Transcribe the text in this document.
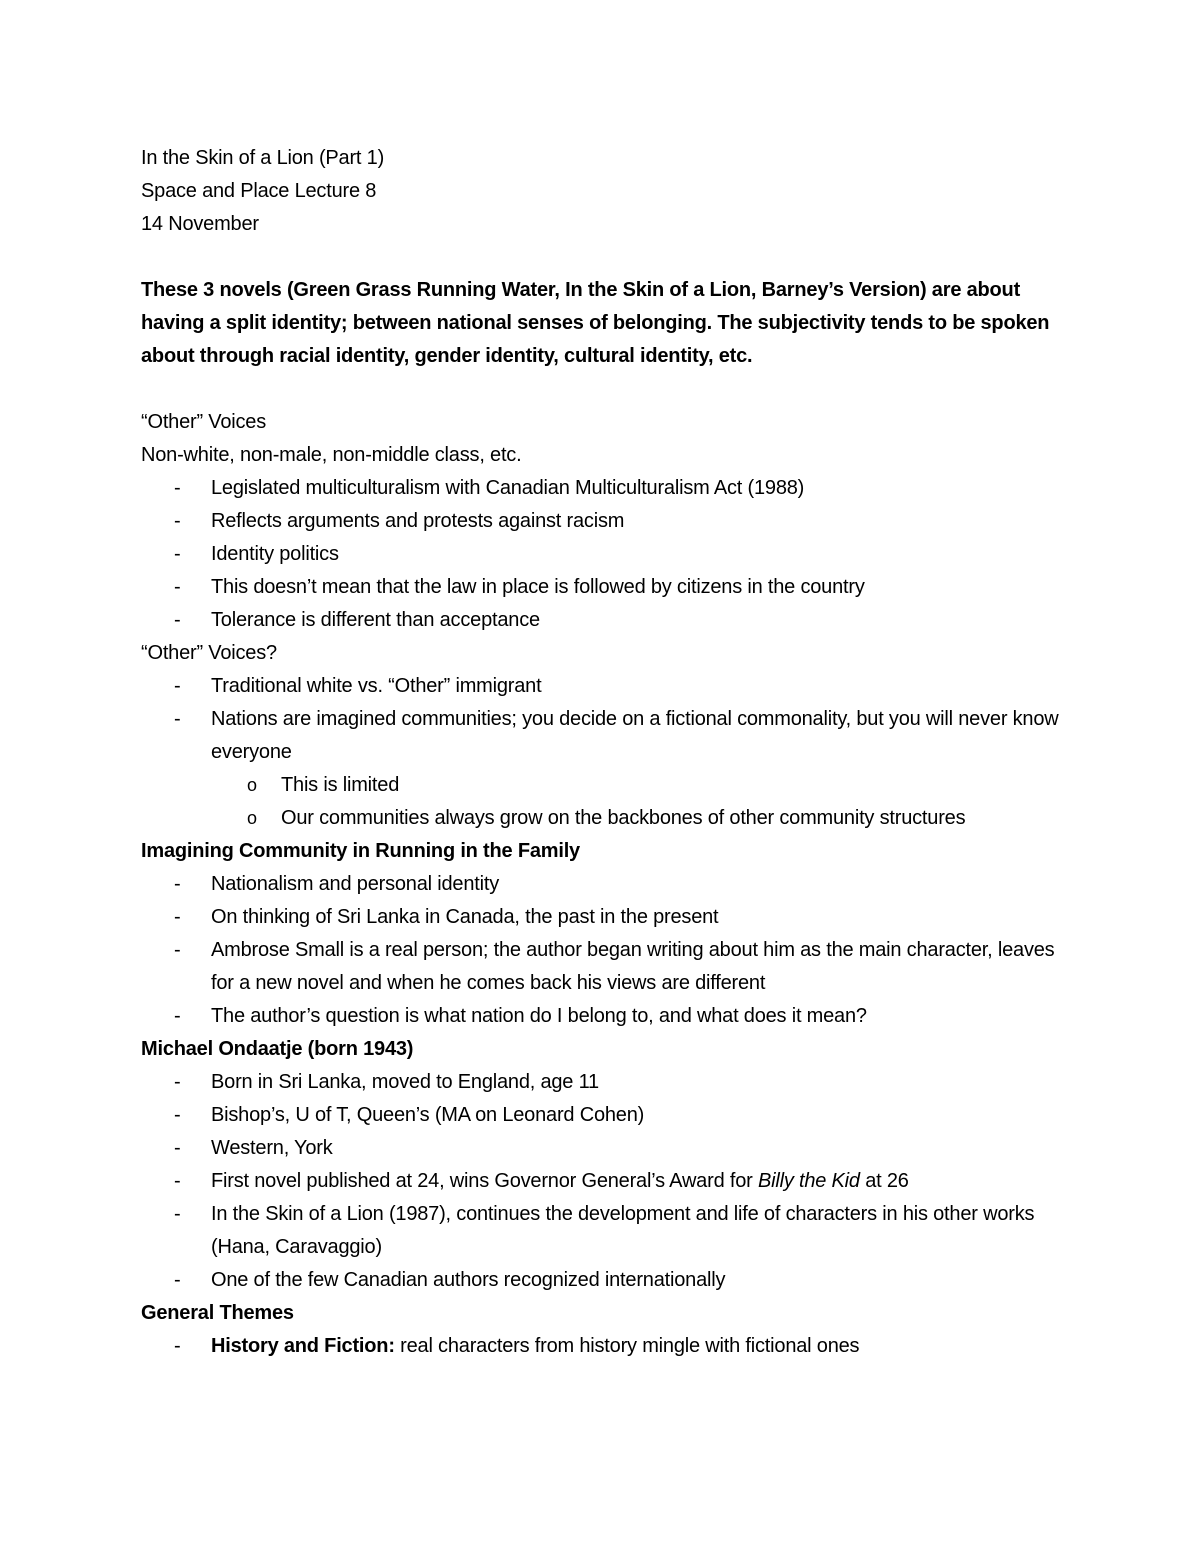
In the Skin of a Lion (Part 1)
Space and Place Lecture 8
14 November
These 3 novels (Green Grass Running Water, In the Skin of a Lion, Barney’s Version) are about having a split identity; between national senses of belonging. The subjectivity tends to be spoken about through racial identity, gender identity, cultural identity, etc.
“Other” Voices
Non-white, non-male, non-middle class, etc.
- Legislated multiculturalism with Canadian Multiculturalism Act (1988)
- Reflects arguments and protests against racism
- Identity politics
- This doesn’t mean that the law in place is followed by citizens in the country
- Tolerance is different than acceptance
“Other” Voices?
- Traditional white vs. “Other” immigrant
- Nations are imagined communities; you decide on a fictional commonality, but you will never know everyone
o This is limited
o Our communities always grow on the backbones of other community structures
Imagining Community in Running in the Family
- Nationalism and personal identity
- On thinking of Sri Lanka in Canada, the past in the present
- Ambrose Small is a real person; the author began writing about him as the main character, leaves for a new novel and when he comes back his views are different
- The author’s question is what nation do I belong to, and what does it mean?
Michael Ondaatje (born 1943)
- Born in Sri Lanka, moved to England, age 11
- Bishop’s, U of T, Queen’s (MA on Leonard Cohen)
- Western, York
- First novel published at 24, wins Governor General’s Award for Billy the Kid at 26
- In the Skin of a Lion (1987), continues the development and life of characters in his other works (Hana, Caravaggio)
- One of the few Canadian authors recognized internationally
General Themes
- History and Fiction: real characters from history mingle with fictional ones
